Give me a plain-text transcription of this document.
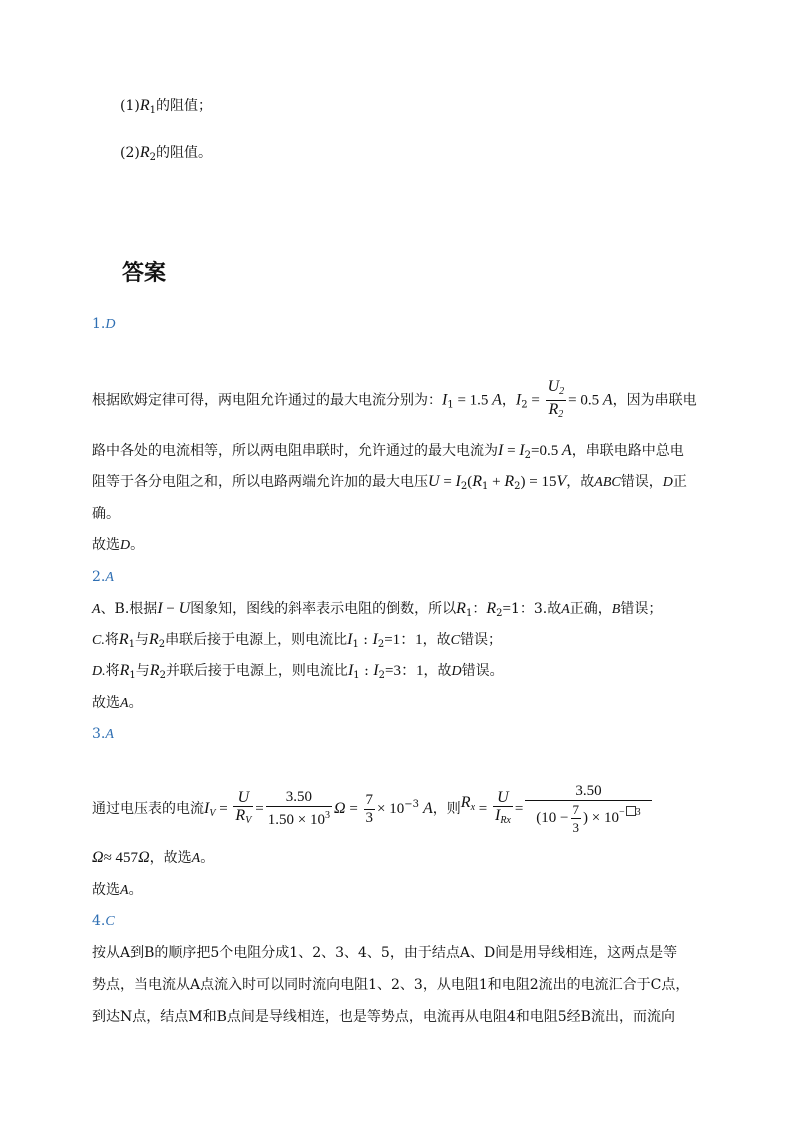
$(1)R_1$的阻值；
$(2)R_2$的阻值。
答案
1.D
根据欧姆定律可得，两电阻允许通过的最大电流分别为：$I_1 = 1.5$ A，$I_2 = \frac{U_2}{R_2} = 0.5$ A，因为串联电
路中各处的电流相等，所以两电阻串联时，允许通过的最大电流为$I = I_2=0.5$ A，串联电路中总电
阻等于各分电阻之和，所以电路两端允许加的最大电压$U = I_2(R_1 + R_2) = 15V$，故ABC错误，D正
确。
故选D。
2.A
A、B.根据I − U图象知，图线的斜率表示电阻的倒数，所以$R_1$：$R_2=1$：3.故A正确，B错误；
C.将$R_1$与$R_2$串联后接于电源上，则电流比$I_1$ : $I_2=1$：1，故C错误；
D.将$R_1$与$R_2$并联后接于电源上，则电流比$I_1$ : $I_2=3$：1，故D错误。
故选A。
3.A
通过电压表的电流$I_V = \frac{U}{R_V} = \frac{3.50}{1.50 \times 10^3}$ $\Omega = \frac{7}{3} \times 10^{-3}$ A，则$R_x = \frac{U}{I_{Rx}} = \frac{3.50}{(10 - \frac{7}{3} ) \times 10^{- 3}}$
Ω≈ 457Ω，故选A。
故选A。
4.C
按从A到B的顺序把5个电阻分成1、2、3、4、5，由于结点A、D间是用导线相连，这两点是等
势点，当电流从A点流入时可以同时流向电阻1、2、3，从电阻1和电阻2流出的电流汇合于C点，
到达N点，结点M和B点间是导线相连，也是等势点，电流再从电阻4和电阻5经B流出，而流向
